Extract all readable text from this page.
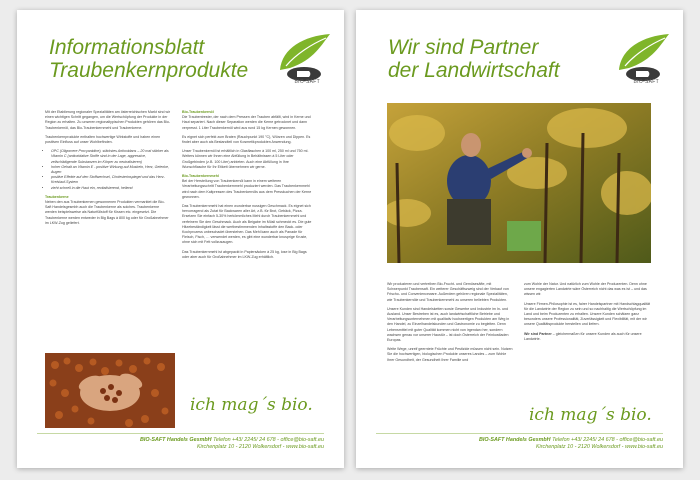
Informationsblatt
Traubenkernprodukte	BIO-SAFT

Mit der Etablierung regionaler Spezialitäten am österreichischen Markt sind wir einen wichtigen Schritt gegangen, um die Wertschöpfung der Produkte in der Region zu erhalten. Zu unseren regionaltypischen Produkten gehören das Bio-Traubenkernöl, das Bio-Traubenkernmehl und Traubenkerne.

Traubenkernprodukte enthalten hochwertige Wirkstoffe und haben einen positiven Einfluss auf unser Wohlbefinden.

• OPC (Oligomere Procyanidine), stärkstes Antioxidans – 20 mal stärker als Vitamin C (antioxidative Stoffe sind in der Lage, aggressive, zellschädigende Substanzen im Körper zu neutralisieren)
• hoher Gehalt an Vitamin E - positive Wirkung auf Muskeln, Herz, Gelenke, Augen
• positive Effekte auf den Stoffwechsel, Cholesterinspiegel und das Herz-Kreislauf-System
• zieht schnell in die Haut ein, revitalisierend, heilend

Traubenkerne

Neben den aus Traubenkernen gewonnenen Produkten vermarktet die Bio-Saft Handelsgesmbh auch die Traubenkerne als solches. Traubenkerne werden beispielsweise als Naturfüllstoff für Kissen etc. eingesetzt. Die Traubenkerne werden entweder in Big Bags à 800 kg oder für Großabnehmer im LKW-Zug geliefert.

Bio-Traubenkernöl

Die Traubentrester, der nach dem Pressen der Trauben abfällt, wird in Kerne und Haut separiert. Nach dieser Separation werden die Kerne getrocknet und dann verpresst. 1 Liter Traubenkernöl wird aus rund 15 kg Kernen gewonnen.

Es eignet sich perfekt zum Braten (Rauchpunkt 190 °C), Würzen und Dippen. Es findet aber auch als Bestandteil von Kosmetikprodukten Anwendung.

Unser Traubenkernöl ist erhältlich in Glasflaschen à 100 ml, 250 ml und 750 ml. Weiters können wir Ihnen eine Abfüllung in Behältnissen à 5 Liter oder Großgebinden (z.B. 100 Liter) anbieten. Auch eine Abfüllung in Ihre Wunschflasche für Ihr Etikett übernehmen wir gerne.

Bio-Traubenkernmehl

Bei der Herstellung von Traubenkernöl kann in einem weiteren Verarbeitungsschritt Traubenkernmehl produziert werden. Das Traubenkernmehl wird nach dem Kaltpressen des Traubenkernöls aus dem Presskuchen der Kerne gewonnen.

Das Traubenkernmehl hat einen wunderbar nussigen Geschmack. Es eignet sich hervorragend als Zutat für Backwaren aller Art, z.B. für Brot, Gebäck, Pizza. Ersetzen Sie einfach 5-30% herkömmliches Mehl durch Traubenkernmehl und verfeinern Sie den Geschmack. Auch als Beigabe im Müsli schmeckt es. Die gute Hitzebeständigkeit lässt die wertbestimmenden Inhaltsstoffe den Back- oder Kochprozess unbeschadet überstehen. Das Mehl kann auch als Panade für Fleisch, Fisch, … verwendet werden, es gibt eine wunderbar knusprige Kruste, ohne sich mit Fett vollzusaugen.

Das Traubenkernmehl ist abgepackt in Papiersäcken à 25 kg, lose in Big Bags oder aber auch für Großabnehmer im LKW-Zug erhältlich.

ich mag´s bio.
BIO-SAFT Handels GesmbH Telefon +43/ 2245/ 24 678 - office@bio-saft.eu
Kirchenplatz 10 - 2120 Wolkersdorf - www.bio-saft.eu
Wir sind Partner
der Landwirtschaft	BIO-SAFT

Wir produzieren und vertreiben Bio-Frucht- und Gemüsesäfte, mit Schwerpunkt Traubensaft. Ein weiterer Geschäftszweig sind der Verkauf von Frischo- und Convenienceware. Außerdem gehören regionale Spezialitäten, wie Traubenkernöle und Traubenkernmehl zu unseren beliebten Produkten.

Unsere Kunden sind Handelsketten sowie Gewerbe und Industrie im In- und Ausland. Unser Bestreben ist es, auch landwirtschaftliche Betriebe und Verarbeitungsunternehmen mit qualitativ hochwertigen Produkten am Weg in den Handel, zu Einzelhandelskunden und Gastronomie zu begleiten. Denn Lebensmittel mit guter Qualität kommen nicht von irgendwo her, sondern wachsen genau vor unserer Haustür – ist doch Österreich der Feinkostladen Europas.

Weite Wege, unreif geerntete Früchte und Pestizide müssen nicht sein. Nutzen Sie die hochwertigen, biologischen Produkte unseres Landes – zum Wohle Ihrer Gesundheit, der Gesundheit Ihrer Familie und

zum Wohle der Natur. Und natürlich zum Wohle der Produzenten. Denn ohne unsere engagierten Landwirte wäre Österreich nicht das was es ist – und das wissen wir.

Unsere Firmen-Philosophie ist es, fairer Handelspartner mit Handschlagqualität für die Landwirte der Region zu sein und so nachhaltig die Wertschöpfung im Land und beim Produzenten zu erhalten. Unsere Kunden schätzen ganz besonders unsere Professionalität, Zuverlässigkeit und Flexibilität, mit der wir unsere Qualitätsprodukte herstellen und liefern.

Wir sind Partner – gleichermaßen für unsere Kunden als auch für unsere Landwirte.

ich mag´s bio.
BIO-SAFT Handels GesmbH Telefon +43/ 2245/ 24 678 - office@bio-saft.eu
Kirchenplatz 10 - 2120 Wolkersdorf - www.bio-saft.eu
